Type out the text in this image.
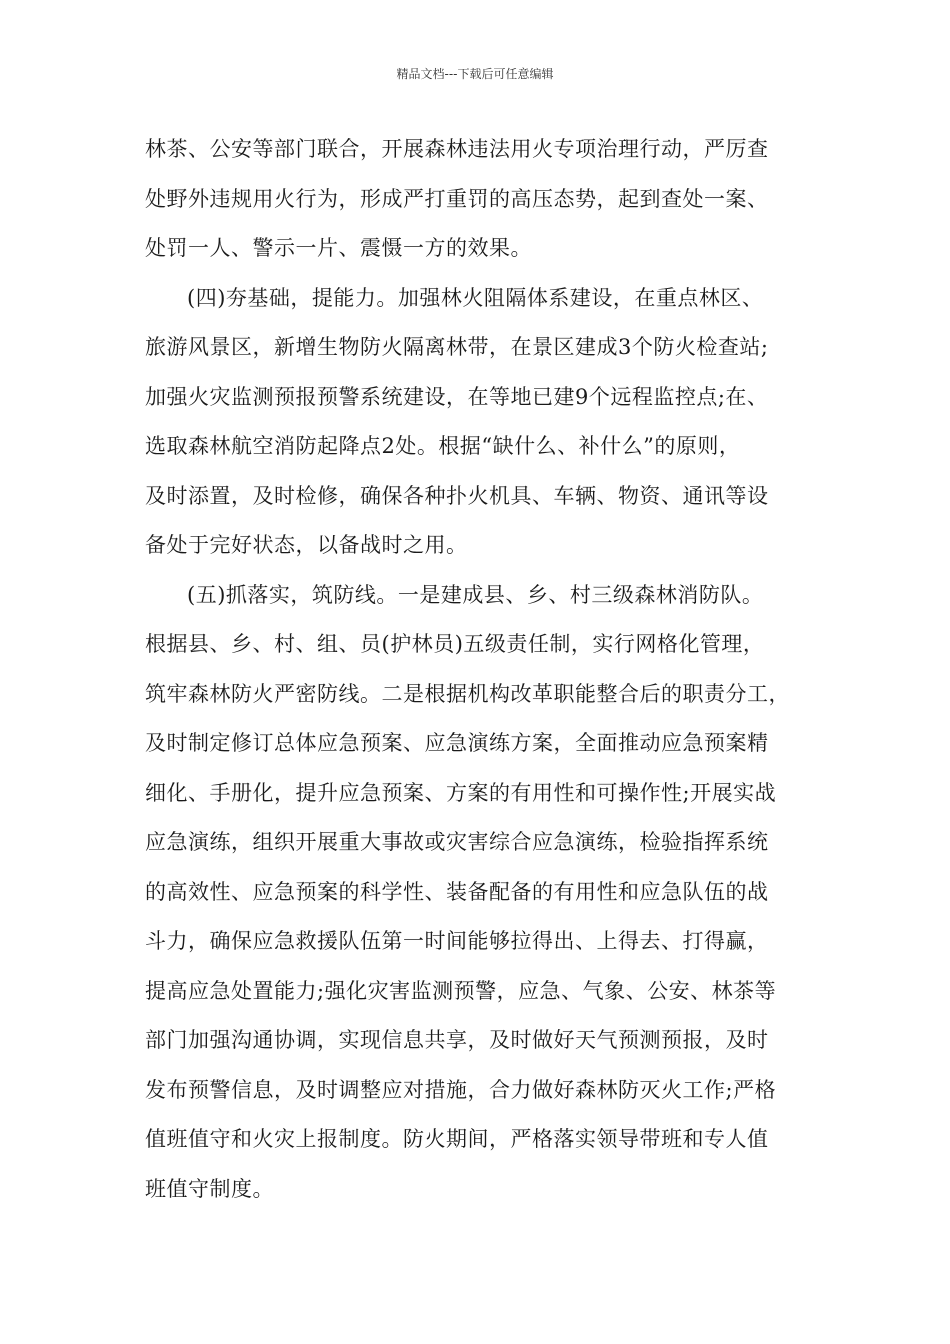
精品文档---下载后可任意编辑
林茶、公安等部门联合，开展森林违法用火专项治理行动，严厉查
处野外违规用火行为，形成严打重罚的高压态势，起到查处一案、
处罚一人、警示一片、震慑一方的效果。
(四)夯基础，提能力。加强林火阻隔体系建设，在重点林区、
旅游风景区，新增生物防火隔离林带，在景区建成3个防火检查站;
加强火灾监测预报预警系统建设，在等地已建9个远程监控点;在、
选取森林航空消防起降点2处。根据“缺什么、补什么”的原则，
及时添置，及时检修，确保各种扑火机具、车辆、物资、通讯等设
备处于完好状态，以备战时之用。
(五)抓落实，筑防线。一是建成县、乡、村三级森林消防队。
根据县、乡、村、组、员(护林员)五级责任制，实行网格化管理，
筑牢森林防火严密防线。二是根据机构改革职能整合后的职责分工，
及时制定修订总体应急预案、应急演练方案，全面推动应急预案精
细化、手册化，提升应急预案、方案的有用性和可操作性;开展实战
应急演练，组织开展重大事故或灾害综合应急演练，检验指挥系统
的高效性、应急预案的科学性、装备配备的有用性和应急队伍的战
斗力，确保应急救援队伍第一时间能够拉得出、上得去、打得赢，
提高应急处置能力;强化灾害监测预警，应急、气象、公安、林茶等
部门加强沟通协调，实现信息共享，及时做好天气预测预报，及时
发布预警信息，及时调整应对措施，合力做好森林防灭火工作;严格
值班值守和火灾上报制度。防火期间，严格落实领导带班和专人值
班值守制度。
